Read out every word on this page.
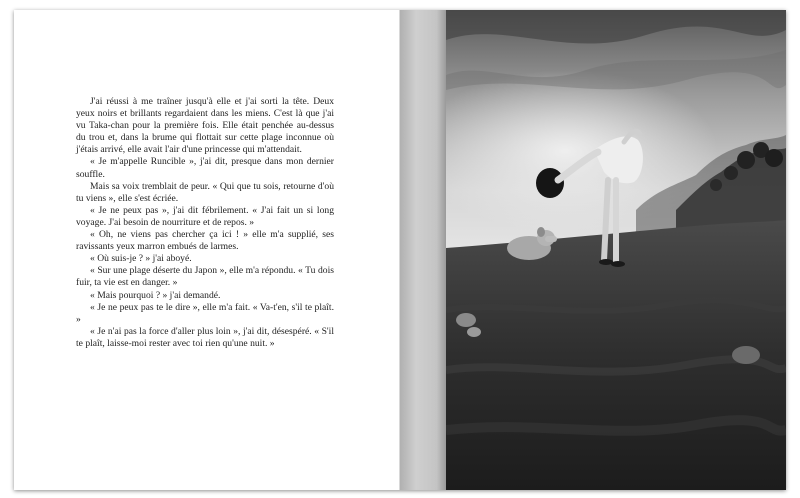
J'ai réussi à me traîner jusqu'à elle et j'ai sorti la tête. Deux yeux noirs et brillants regardaient dans les miens. C'est là que j'ai vu Taka-chan pour la première fois. Elle était penchée au-dessus du trou et, dans la brume qui flottait sur cette plage inconnue où j'étais arrivé, elle avait l'air d'une princesse qui m'attendait.

« Je m'appelle Runcible », j'ai dit, presque dans mon dernier souffle.

Mais sa voix tremblait de peur. « Qui que tu sois, retourne d'où tu viens », elle s'est écriée.

« Je ne peux pas », j'ai dit fébrilement. « J'ai fait un si long voyage. J'ai besoin de nourriture et de repos. »

« Oh, ne viens pas chercher ça ici ! » elle m'a supplié, ses ravissants yeux marron embués de larmes.

« Où suis-je ? » j'ai aboyé.

« Sur une plage déserte du Japon », elle m'a répondu. « Tu dois fuir, ta vie est en danger. »

« Mais pourquoi ? » j'ai demandé.

« Je ne peux pas te le dire », elle m'a fait. « Va-t'en, s'il te plaît. »

« Je n'ai pas la force d'aller plus loin », j'ai dit, désespéré. « S'il te plaît, laisse-moi rester avec toi rien qu'une nuit. »
